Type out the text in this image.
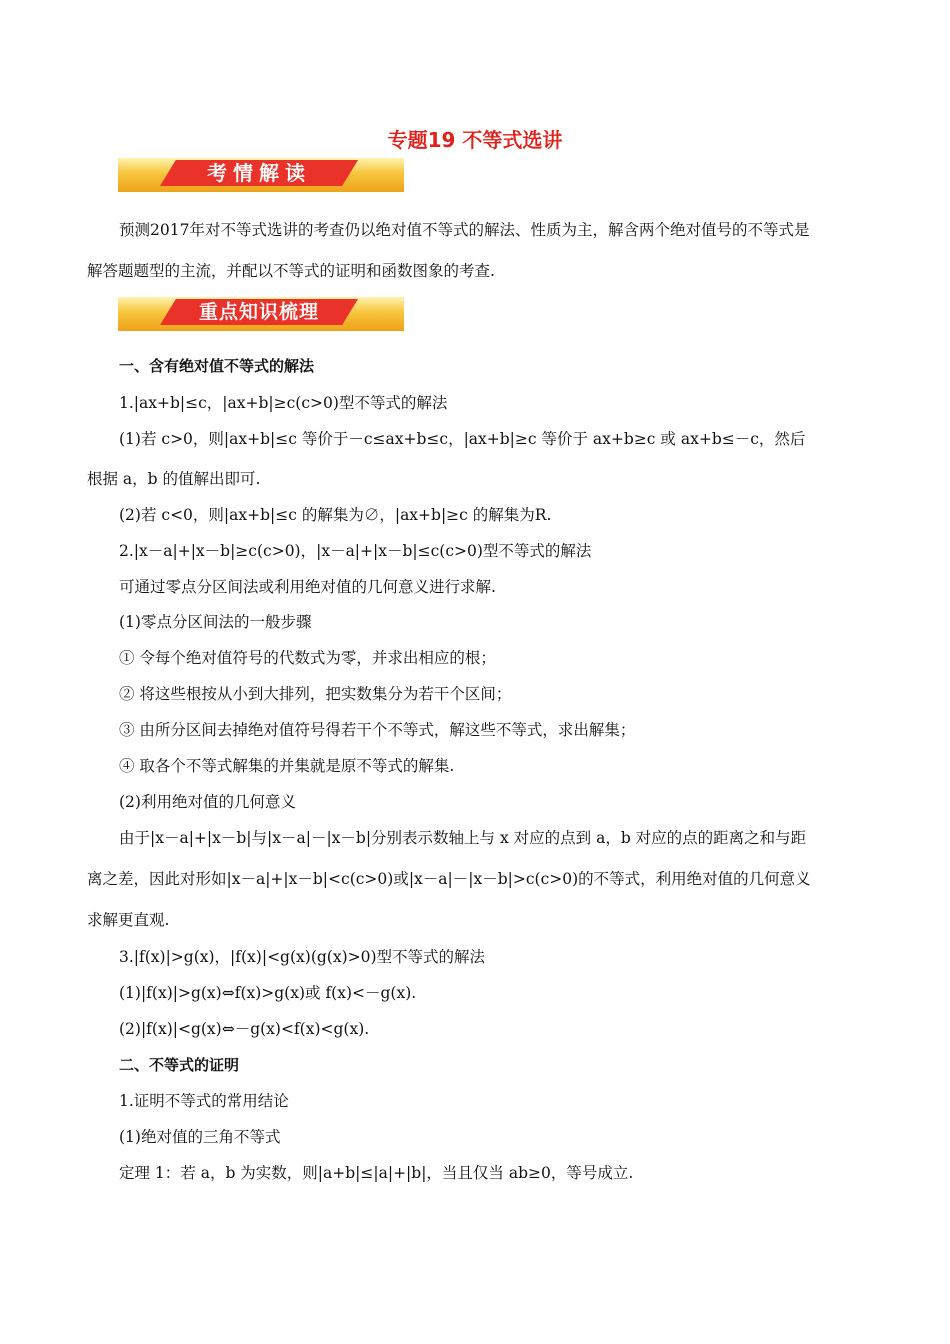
专题19 不等式选讲
考情解读
预测2017年对不等式选讲的考查仍以绝对值不等式的解法、性质为主，解含两个绝对值号的不等式是
解答题题型的主流，并配以不等式的证明和函数图象的考查.
重点知识梳理
一、含有绝对值不等式的解法
1.|ax+b|≤c，|ax+b|≥c(c>0)型不等式的解法
(1)若 c>0，则|ax+b|≤c 等价于－c≤ax+b≤c，|ax+b|≥c 等价于 ax+b≥c 或 ax+b≤－c，然后
根据 a，b 的值解出即可.
(2)若 c<0，则|ax+b|≤c 的解集为∅，|ax+b|≥c 的解集为R.
2.|x－a|+|x－b|≥c(c>0)，|x－a|+|x－b|≤c(c>0)型不等式的解法
可通过零点分区间法或利用绝对值的几何意义进行求解.
(1)零点分区间法的一般步骤
① 令每个绝对值符号的代数式为零，并求出相应的根；
② 将这些根按从小到大排列，把实数集分为若干个区间；
③ 由所分区间去掉绝对值符号得若干个不等式，解这些不等式，求出解集；
④ 取各个不等式解集的并集就是原不等式的解集.
(2)利用绝对值的几何意义
由于|x－a|+|x－b|与|x－a|－|x－b|分别表示数轴上与 x 对应的点到 a，b 对应的点的距离之和与距
离之差，因此对形如|x－a|+|x－b|<c(c>0)或|x－a|－|x－b|>c(c>0)的不等式，利用绝对值的几何意义
求解更直观.
3.|f(x)|>g(x)，|f(x)|<g(x)(g(x)>0)型不等式的解法
(1)|f(x)|>g(x)⇔f(x)>g(x)或 f(x)<－g(x).
(2)|f(x)|<g(x)⇔－g(x)<f(x)<g(x).
二、不等式的证明
1.证明不等式的常用结论
(1)绝对值的三角不等式
定理 1：若 a，b 为实数，则|a+b|≤|a|+|b|，当且仅当 ab≥0，等号成立.
